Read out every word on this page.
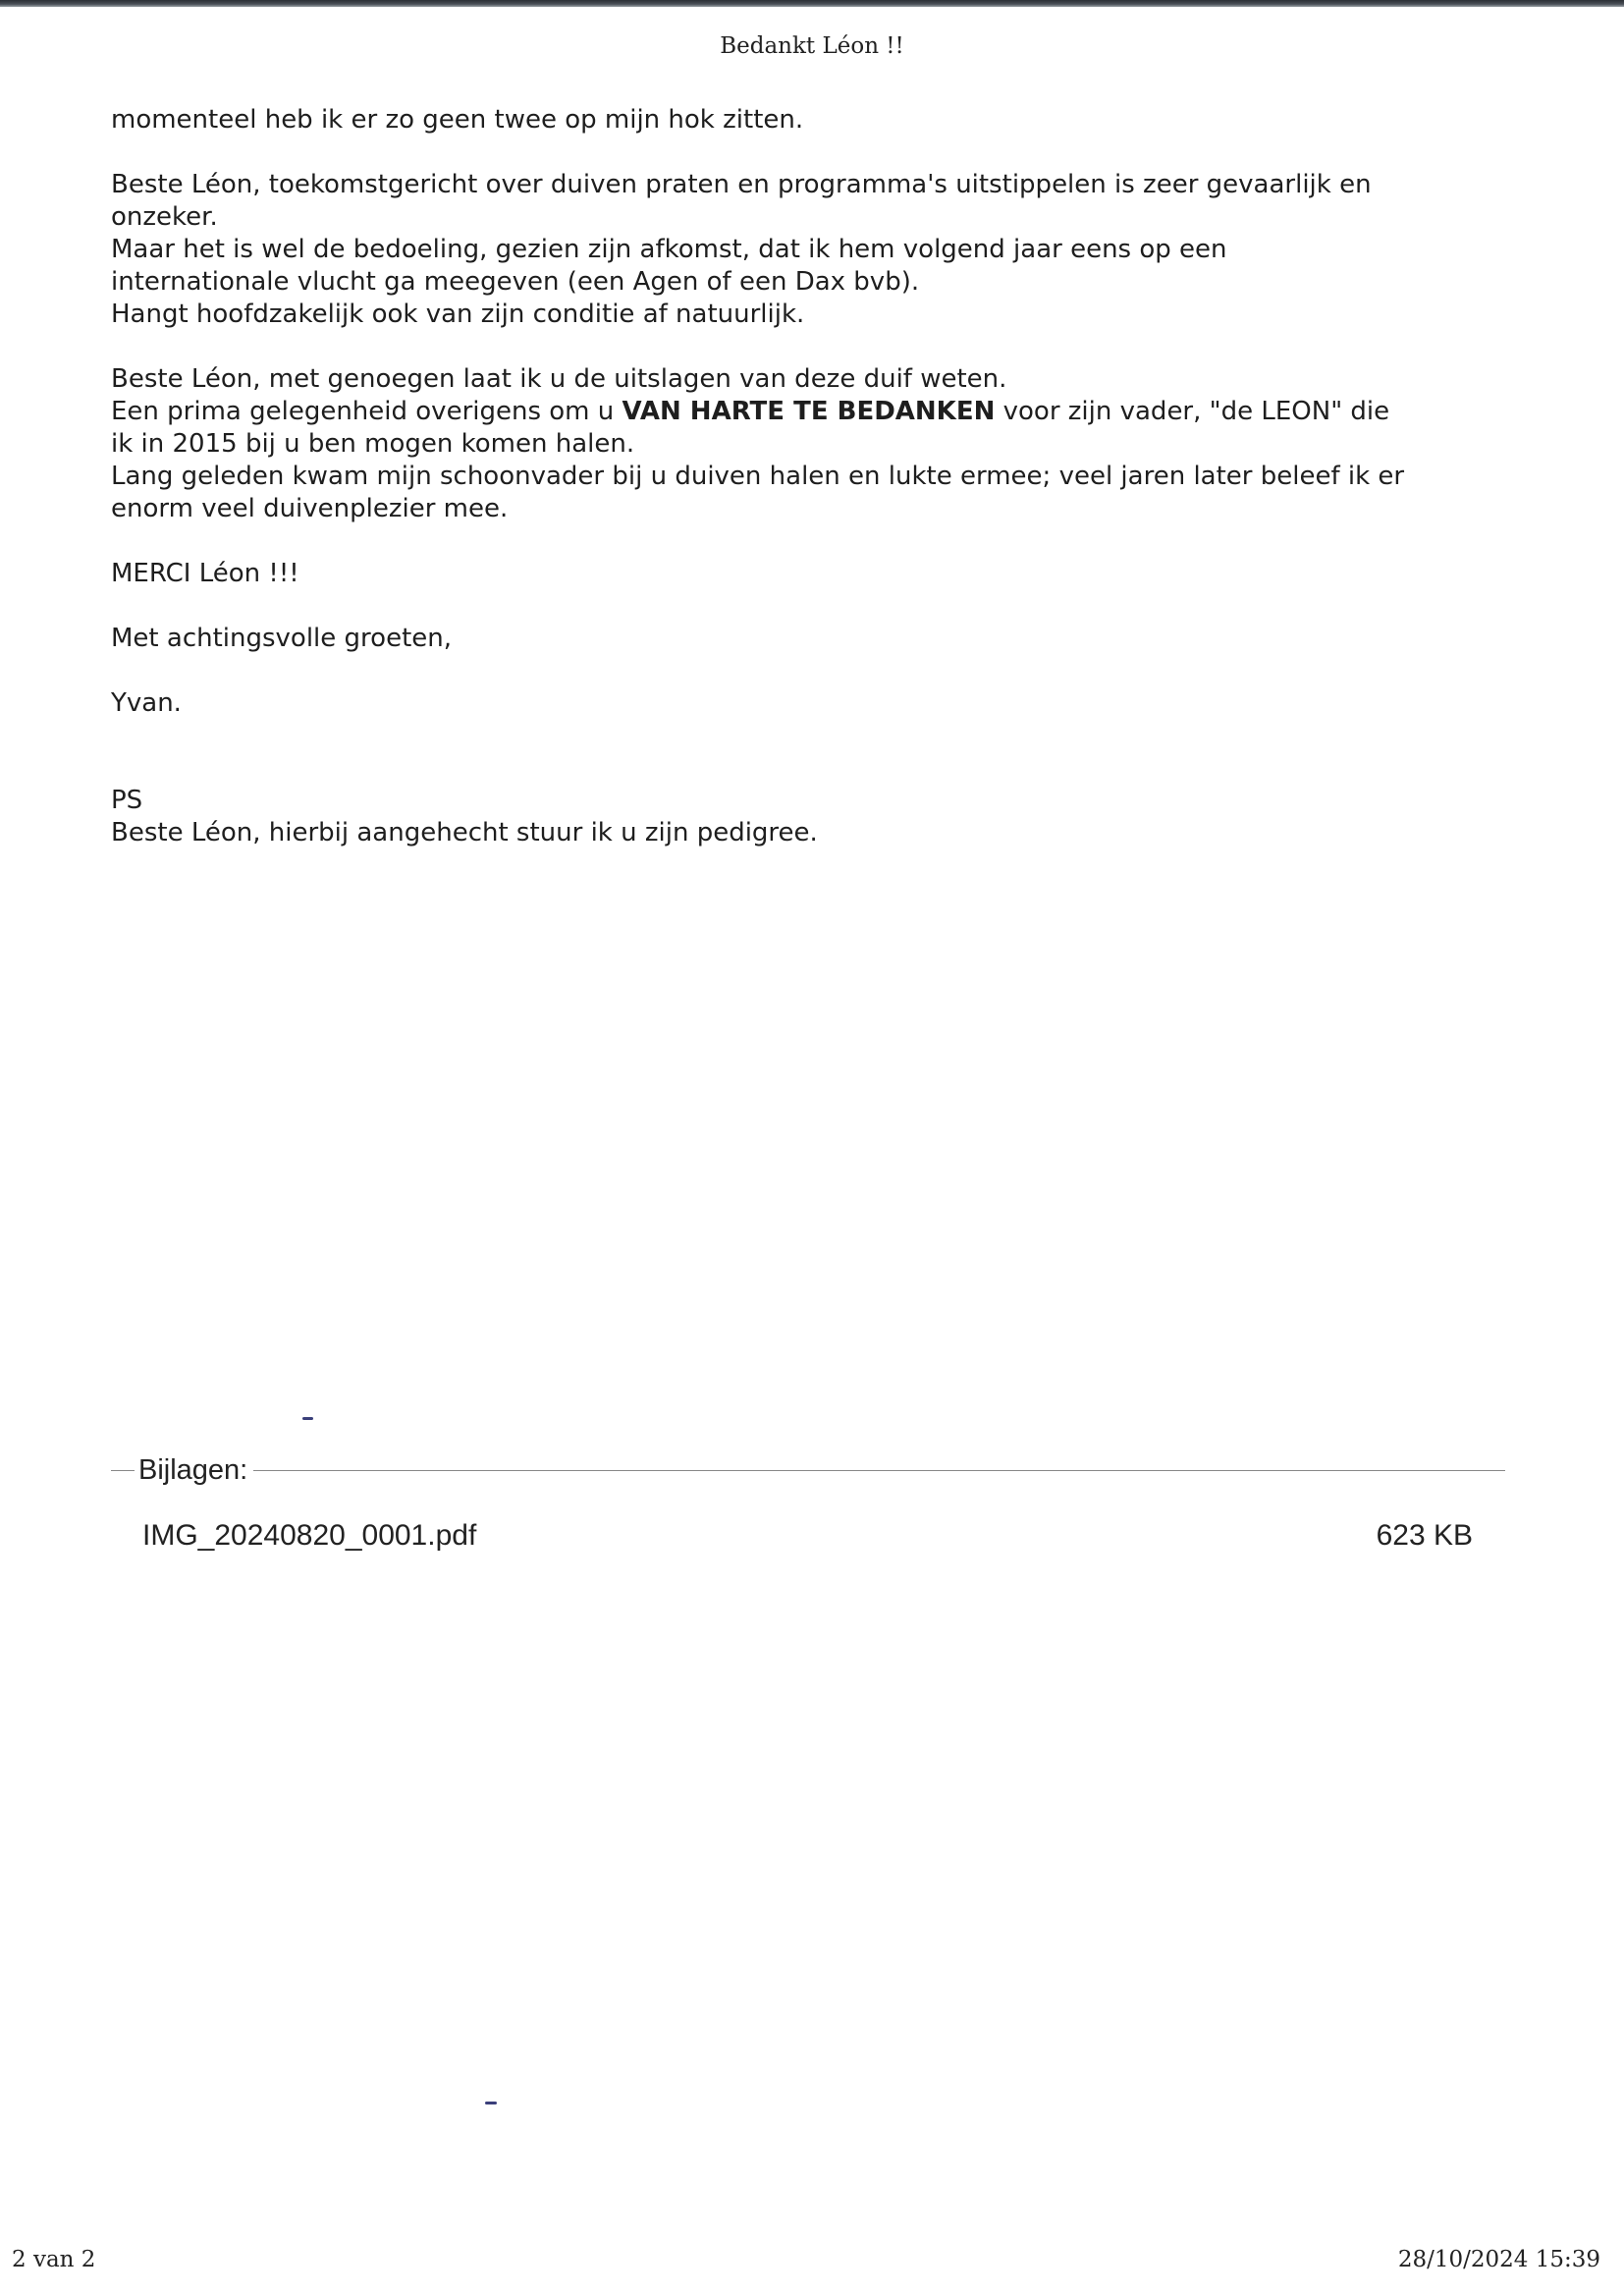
Bedankt Léon !!

momenteel heb ik er zo geen twee op mijn hok zitten.

Beste Léon, toekomstgericht over duiven praten en programma's uitstippelen is zeer gevaarlijk en
onzeker.
Maar het is wel de bedoeling, gezien zijn afkomst, dat ik hem volgend jaar eens op een
internationale vlucht ga meegeven (een Agen of een Dax bvb).
Hangt hoofdzakelijk ook van zijn conditie af natuurlijk.

Beste Léon, met genoegen laat ik u de uitslagen van deze duif weten.
Een prima gelegenheid overigens om u VAN HARTE TE BEDANKEN voor zijn vader, "de LEON" die
ik in 2015 bij u ben mogen komen halen.
Lang geleden kwam mijn schoonvader bij u duiven halen en lukte ermee; veel jaren later beleef ik er
enorm veel duivenplezier mee.

MERCI Léon !!!

Met achtingsvolle groeten,

Yvan.

PS
Beste Léon, hierbij aangehecht stuur ik u zijn pedigree.

Bijlagen:
IMG_20240820_0001.pdf	623 KB
2 van 2	28/10/2024 15:39
